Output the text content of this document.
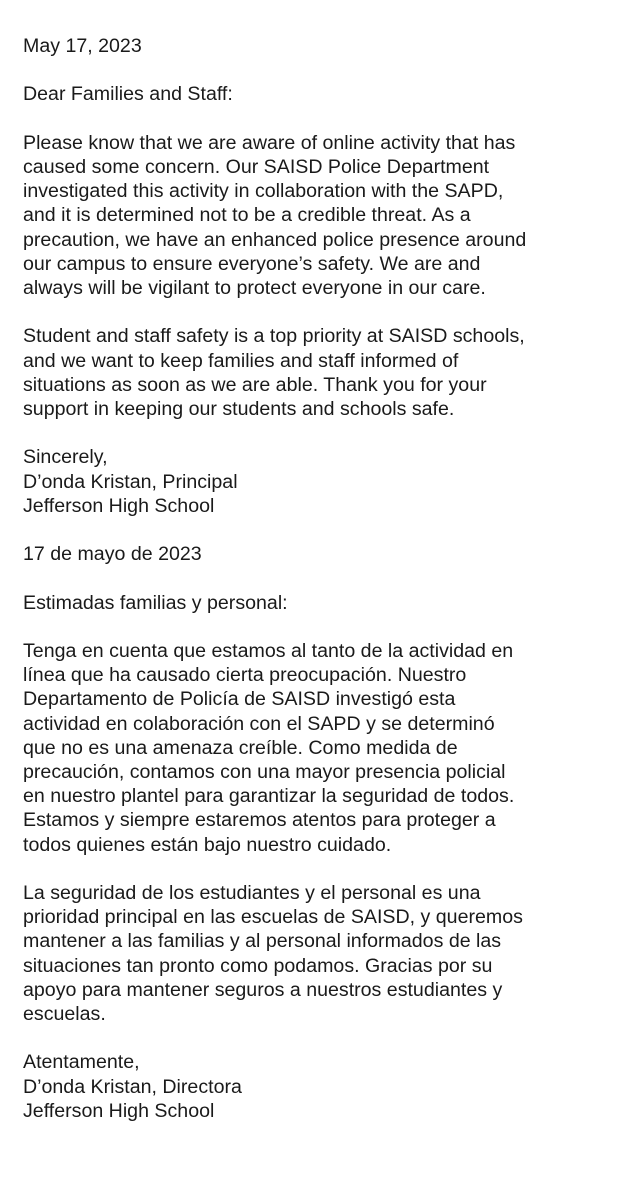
May 17, 2023

Dear Families and Staff:

Please know that we are aware of online activity that has
caused some concern. Our SAISD Police Department
investigated this activity in collaboration with the SAPD,
and it is determined not to be a credible threat. As a
precaution, we have an enhanced police presence around
our campus to ensure everyone’s safety. We are and
always will be vigilant to protect everyone in our care.

Student and staff safety is a top priority at SAISD schools,
and we want to keep families and staff informed of
situations as soon as we are able. Thank you for your
support in keeping our students and schools safe.

Sincerely,
D’onda Kristan, Principal
Jefferson High School

17 de mayo de 2023

Estimadas familias y personal:

Tenga en cuenta que estamos al tanto de la actividad en
línea que ha causado cierta preocupación. Nuestro
Departamento de Policía de SAISD investigó esta
actividad en colaboración con el SAPD y se determinó
que no es una amenaza creíble. Como medida de
precaución, contamos con una mayor presencia policial
en nuestro plantel para garantizar la seguridad de todos.
Estamos y siempre estaremos atentos para proteger a
todos quienes están bajo nuestro cuidado.

La seguridad de los estudiantes y el personal es una
prioridad principal en las escuelas de SAISD, y queremos
mantener a las familias y al personal informados de las
situaciones tan pronto como podamos. Gracias por su
apoyo para mantener seguros a nuestros estudiantes y
escuelas.

Atentamente,
D’onda Kristan, Directora
Jefferson High School
